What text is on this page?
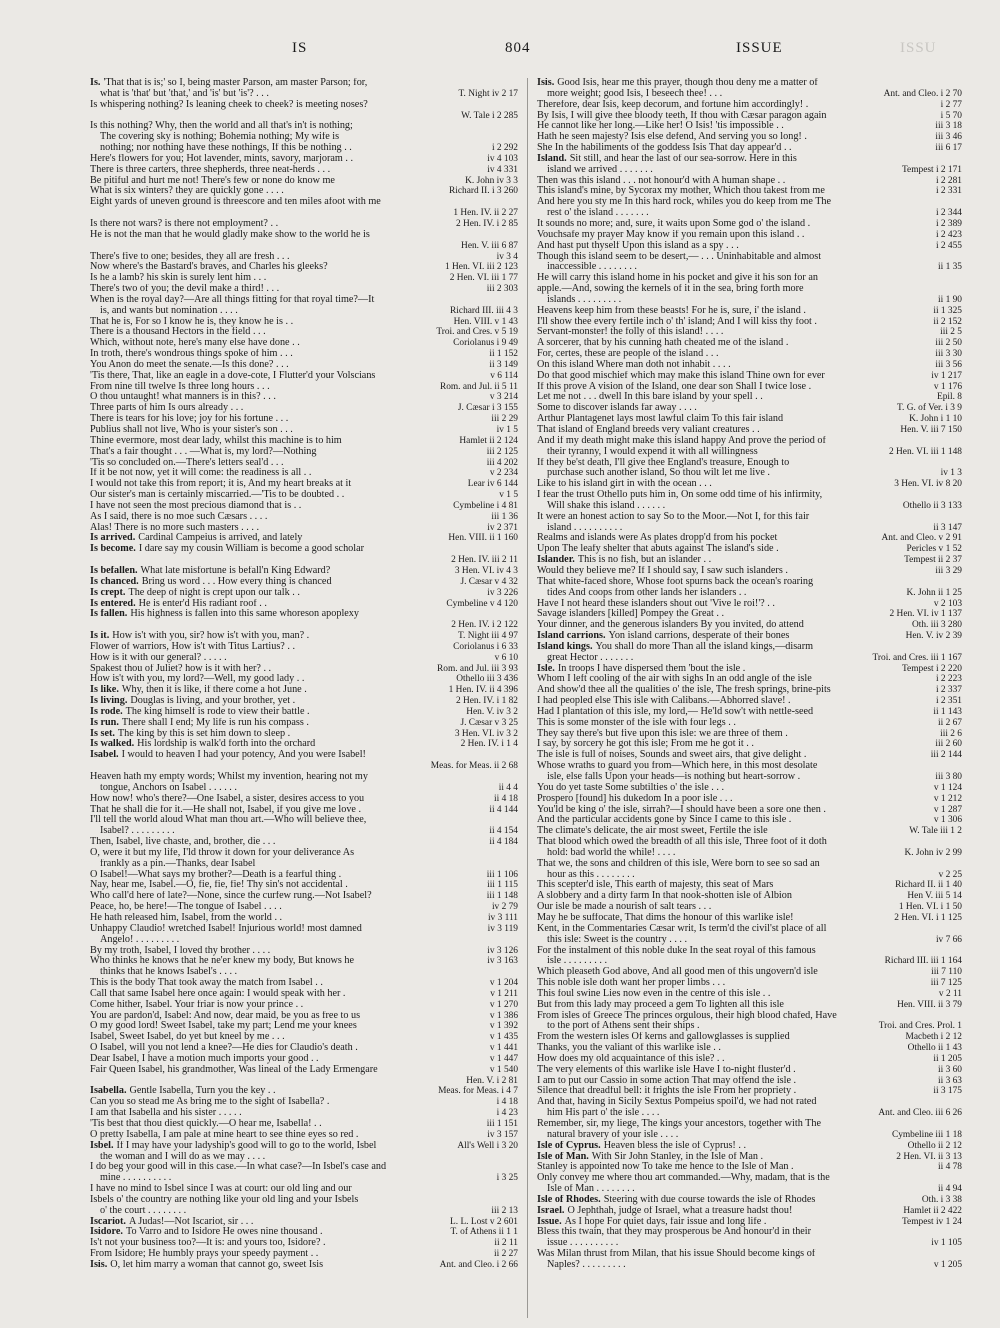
IS	804	ISSUE	ISSU
Is. 'That that is is;' so I, being master Parson, am master Parson; for,
what is 'that' but 'that,' and 'is' but 'is'? . . .	T. Night iv 2 17
Is whispering nothing? Is leaning cheek to cheek? is meeting noses?
W. Tale i 2 285
Is this nothing? Why, then the world and all that's in't is nothing;
The covering sky is nothing; Bohemia nothing; My wife is
nothing; nor nothing have these nothings, If this be nothing . .	i 2 292
Here's flowers for you; Hot lavender, mints, savory, marjoram . .	iv 4 103
There is three carters, three shepherds, three neat-herds . . .	iv 4 331
Be pitiful and hurt me not! There's few or none do know me	K. John iv 3 3
What is six winters? they are quickly gone . . . .	Richard II. i 3 260
Eight yards of uneven ground is threescore and ten miles afoot with me
1 Hen. IV. ii 2 27
Is there not wars? is there not employment? . .	2 Hen. IV. i 2 85
He is not the man that he would gladly make show to the world he is
Hen. V. iii 6 87
There's five to one; besides, they all are fresh . . .	iv 3 4
Now where's the Bastard's braves, and Charles his gleeks?	1 Hen. VI. iii 2 123
Is he a lamb? his skin is surely lent him . . .	2 Hen. VI. iii 1 77
There's two of you; the devil make a third! . . .	iii 2 303
When is the royal day?—Are all things fitting for that royal time?—It
is, and wants but nomination . . . .	Richard III. iii 4 3
That he is, For so I know he is, they know he is . .	Hen. VIII. v 1 43
There is a thousand Hectors in the field . . .	Troi. and Cres. v 5 19
Which, without note, here's many else have done . .	Coriolanus i 9 49
In troth, there's wondrous things spoke of him . . .	ii 1 152
You Anon do meet the senate.—Is this done? . . .	ii 3 149
'Tis there, That, like an eagle in a dove-cote, I Flutter'd your Volscians	v 6 114
From nine till twelve Is three long hours . . .	Rom. and Jul. ii 5 11
O thou untaught! what manners is in this? . . .	v 3 214
Three parts of him Is ours already . . .	J. Cæsar i 3 155
There is tears for his love; joy for his fortune . . .	iii 2 29
Publius shall not live, Who is your sister's son . . .	iv 1 5
Thine evermore, most dear lady, whilst this machine is to him	Hamlet ii 2 124
That's a fair thought . . . —What is, my lord?—Nothing	iii 2 125
'Tis so concluded on.—There's letters seal'd . . .	iii 4 202
If it be not now, yet it will come: the readiness is all . .	v 2 234
I would not take this from report; it is, And my heart breaks at it	Lear iv 6 144
Our sister's man is certainly miscarried.—'Tis to be doubted . .	v 1 5
I have not seen the most precious diamond that is . .	Cymbeline i 4 81
As I said, there is no moe such Cæsars . . . .	iii 1 36
Alas! There is no more such masters . . . .	iv 2 371
Is arrived. Cardinal Campeius is arrived, and lately	Hen. VIII. ii 1 160
Is become. I dare say my cousin William is become a good scholar
2 Hen. IV. iii 2 11
Is befallen. What late misfortune is befall'n King Edward?	3 Hen. VI. iv 4 3
Is chanced. Bring us word . . . How every thing is chanced	J. Cæsar v 4 32
Is crept. The deep of night is crept upon our talk . .	iv 3 226
Is entered. He is enter'd His radiant roof . .	Cymbeline v 4 120
Is fallen. His highness is fallen into this same whoreson apoplexy
2 Hen. IV. i 2 122
Is it. How is't with you, sir? how is't with you, man? .	T. Night iii 4 97
Flower of warriors, How is't with Titus Lartius? . .	Coriolanus i 6 33
How is it with our general? . . . . .	v 6 10
Spakest thou of Juliet? how is it with her? . .	Rom. and Jul. iii 3 93
How is't with you, my lord?—Well, my good lady . .	Othello iii 3 436
Is like. Why, then it is like, if there come a hot June .	1 Hen. IV. ii 4 396
Is living. Douglas is living, and your brother, yet .	2 Hen. IV. i 1 82
Is rode. The king himself is rode to view their battle .	Hen. V. iv 3 2
Is run. There shall I end; My life is run his compass .	J. Cæsar v 3 25
Is set. The king by this is set him down to sleep .	3 Hen. VI. iv 3 2
Is walked. His lordship is walk'd forth into the orchard	2 Hen. IV. i 1 4
Isabel. I would to heaven I had your potency, And you were Isabel!
Meas. for Meas. ii 2 68
Heaven hath my empty words; Whilst my invention, hearing not my
tongue, Anchors on Isabel . . . . . .	ii 4 4
How now! who's there?—One Isabel, a sister, desires access to you	ii 4 18
That he shall die for it.—He shall not, Isabel, if you give me love .	ii 4 144
I'll tell the world aloud What man thou art.—Who will believe thee,
Isabel? . . . . . . . . .	ii 4 154
Then, Isabel, live chaste, and, brother, die . . .	ii 4 184
O, were it but my life, I'ld throw it down for your deliverance As
frankly as a pin.—Thanks, dear Isabel
O Isabel!—What says my brother?—Death is a fearful thing .	iii 1 106
Nay, hear me, Isabel.—O, fie, fie, fie! Thy sin's not accidental .	iii 1 115
Who call'd here of late?—None, since the curfew rung.—Not Isabel?	iii 1 148
Peace, ho, be here!—The tongue of Isabel . . . .	iv 2 79
He hath released him, Isabel, from the world . .	iv 3 111
Unhappy Claudio! wretched Isabel! Injurious world! most damned	iv 3 119
Angelo! . . . . . . . . .
By my troth, Isabel, I loved thy brother . . . .	iv 3 126
Who thinks he knows that he ne'er knew my body, But knows he	iv 3 163
thinks that he knows Isabel's . . . .
This is the body That took away the match from Isabel . .	v 1 204
Call that same Isabel here once again: I would speak with her .	v 1 211
Come hither, Isabel. Your friar is now your prince . .	v 1 270
You are pardon'd, Isabel: And now, dear maid, be you as free to us	v 1 386
O my good lord! Sweet Isabel, take my part; Lend me your knees	v 1 392
Isabel, Sweet Isabel, do yet but kneel by me . . .	v 1 435
O Isabel, will you not lend a knee?—He dies for Claudio's death .	v 1 441
Dear Isabel, I have a motion much imports your good . .	v 1 447
Fair Queen Isabel, his grandmother, Was lineal of the Lady Ermengare	v 1 540
Hen. V. i 2 81
Isabella. Gentle Isabella, Turn you the key . .	Meas. for Meas. i 4 7
Can you so stead me As bring me to the sight of Isabella? .	i 4 18
I am that Isabella and his sister . . . . .	i 4 23
'Tis best that thou diest quickly.—O hear me, Isabella! . .	iii 1 151
O pretty Isabella, I am pale at mine heart to see thine eyes so red .	iv 3 157
Isbel. If I may have your ladyship's good will to go to the world, Isbel	All's Well i 3 20
the woman and I will do as we may . . . .
I do beg your good will in this case.—In what case?—In Isbel's case and
mine . . . . . . . . . .	i 3 25
I have no mind to Isbel since I was at court: our old ling and our
Isbels o' the country are nothing like your old ling and your Isbels
o' the court . . . . . . . .	iii 2 13
Iscariot. A Judas!—Not Iscariot, sir . . .	L. L. Lost v 2 601
Isidore. To Varro and to Isidore He owes nine thousand .	T. of Athens ii 1 1
Is't not your business too?—It is: and yours too, Isidore? .	ii 2 11
From Isidore; He humbly prays your speedy payment . .	ii 2 27
Isis. O, let him marry a woman that cannot go, sweet Isis	Ant. and Cleo. i 2 66
Isis. Good Isis, hear me this prayer, though thou deny me a matter of
more weight; good Isis, I beseech thee! . . .	Ant. and Cleo. i 2 70
Therefore, dear Isis, keep decorum, and fortune him accordingly! .	i 2 77
By Isis, I will give thee bloody teeth, If thou with Cæsar paragon again	i 5 70
He cannot like her long.—Like her! O Isis! 'tis impossible . .	iii 3 18
Hath he seen majesty? Isis else defend, And serving you so long! .	iii 3 46
She In the habiliments of the goddess Isis That day appear'd . .	iii 6 17
Island. Sit still, and hear the last of our sea-sorrow. Here in this
island we arrived . . . . . . .	Tempest i 2 171
Then was this island . . . not honour'd with A human shape . .	i 2 281
This island's mine, by Sycorax my mother, Which thou takest from me	i 2 331
And here you sty me In this hard rock, whiles you do keep from me The
rest o' the island . . . . . . .	i 2 344
It sounds no more; and, sure, it waits upon Some god o' the island .	i 2 389
Vouchsafe my prayer May know if you remain upon this island . .	i 2 423
And hast put thyself Upon this island as a spy . . .	i 2 455
Though this island seem to be desert,— . . . Uninhabitable and almost
inaccessible . . . . . . . .	ii 1 35
He will carry this island home in his pocket and give it his son for an
apple.—And, sowing the kernels of it in the sea, bring forth more
islands . . . . . . . . .	ii 1 90
Heavens keep him from these beasts! For he is, sure, i' the island .	ii 1 325
I'll show thee every fertile inch o' th' island; And I will kiss thy foot .	ii 2 152
Servant-monster! the folly of this island! . . . .	iii 2 5
A sorcerer, that by his cunning hath cheated me of the island .	iii 2 50
For, certes, these are people of the island . . .	iii 3 30
On this island Where man doth not inhabit . . . .	iii 3 56
Do that good mischief which may make this island Thine own for ever	iv 1 217
If this prove A vision of the Island, one dear son Shall I twice lose .	v 1 176
Let me not . . . dwell In this bare island by your spell . .	Epil. 8
Some to discover islands far away . . . .	T. G. of Ver. i 3 9
Arthur Plantagenet lays most lawful claim To this fair island	K. John i 1 10
That island of England breeds very valiant creatures . .	Hen. V. iii 7 150
And if my death might make this island happy And prove the period of
their tyranny, I would expend it with all willingness	2 Hen. VI. iii 1 148
If they be'st death, I'll give thee England's treasure, Enough to
purchase such another island, So thou wilt let me live .	iv 1 3
Like to his island girt in with the ocean . . .	3 Hen. VI. iv 8 20
I fear the trust Othello puts him in, On some odd time of his infirmity,
Will shake this island . . . . . .	Othello ii 3 133
It were an honest action to say So to the Moor.—Not I, for this fair
island . . . . . . . . . .	ii 3 147
Realms and islands were As plates dropp'd from his pocket	Ant. and Cleo. v 2 91
Upon The leafy shelter that abuts against The island's side .	Pericles v 1 52
Islander. This is no fish, but an islander . .	Tempest ii 2 37
Would they believe me? If I should say, I saw such islanders .	iii 3 29
That white-faced shore, Whose foot spurns back the ocean's roaring
tides And coops from other lands her islanders . .	K. John ii 1 25
Have I not heard these islanders shout out 'Vive le roi!'? . .	v 2 103
Savage islanders [killed] Pompey the Great . .	2 Hen. VI. iv 1 137
Your dinner, and the generous islanders By you invited, do attend	Oth. iii 3 280
Island carrions. Yon island carrions, desperate of their bones	Hen. V. iv 2 39
Island kings. You shall do more Than all the island kings,—disarm
great Hector . . . . . . .	Troi. and Cres. iii 1 167
Isle. In troops I have dispersed them 'bout the isle .	Tempest i 2 220
Whom I left cooling of the air with sighs In an odd angle of the isle	i 2 223
And show'd thee all the qualities o' the isle, The fresh springs, brine-pits	i 2 337
I had peopled else This isle with Calibans.—Abhorred slave! .	i 2 351
Had I plantation of this isle, my lord,— He'ld sow't with nettle-seed	ii 1 143
This is some monster of the isle with four legs . .	ii 2 67
They say there's but five upon this isle: we are three of them .	iii 2 6
I say, by sorcery he got this isle; From me he got it . .	iii 2 60
The isle is full of noises, Sounds and sweet airs, that give delight .	iii 2 144
Whose wraths to guard you from—Which here, in this most desolate
isle, else falls Upon your heads—is nothing but heart-sorrow .	iii 3 80
You do yet taste Some subtilties o' the isle . . .	v 1 124
Prospero [found] his dukedom In a poor isle . . .	v 1 212
You'ld be king o' the isle, sirrah?—I should have been a sore one then .	v 1 287
And the particular accidents gone by Since I came to this isle .	v 1 306
The climate's delicate, the air most sweet, Fertile the isle	W. Tale iii 1 2
That blood which owed the breadth of all this isle, Three foot of it doth
hold: bad world the while! . . . .	K. John iv 2 99
That we, the sons and children of this isle, Were born to see so sad an
hour as this . . . . . . . .	v 2 25
This scepter'd isle, This earth of majesty, this seat of Mars	Richard II. ii 1 40
A slobbery and a dirty farm In that nook-shotten isle of Albion	Hen V. iii 5 14
Our isle be made a nourish of salt tears . . .	1 Hen. VI. i 1 50
May he be suffocate, That dims the honour of this warlike isle!	2 Hen. VI. i 1 125
Kent, in the Commentaries Cæsar writ, Is term'd the civil'st place of all
this isle: Sweet is the country . . . .	iv 7 66
For the instalment of this noble duke In the seat royal of this famous
isle . . . . . . . . .	Richard III. iii 1 164
Which pleaseth God above, And all good men of this ungovern'd isle	iii 7 110
This noble isle doth want her proper limbs . . .	iii 7 125
This foul swine Lies now even in the centre of this isle . .	v 2 11
But from this lady may proceed a gem To lighten all this isle	Hen. VIII. ii 3 79
From isles of Greece The princes orgulous, their high blood chafed, Have
to the port of Athens sent their ships .	Troi. and Cres. Prol. 1
From the western isles Of kerns and gallowglasses is supplied	Macbeth i 2 12
Thanks, you the valiant of this warlike isle . .	Othello ii 1 43
How does my old acquaintance of this isle? . .	ii 1 205
The very elements of this warlike isle Have I to-night fluster'd .	ii 3 60
I am to put our Cassio in some action That may offend the isle .	ii 3 63
Silence that dreadful bell: it frights the isle From her propriety .	ii 3 175
And that, having in Sicily Sextus Pompeius spoil'd, we had not rated
him His part o' the isle . . . .	Ant. and Cleo. iii 6 26
Remember, sir, my liege, The kings your ancestors, together with The
natural bravery of your isle . . . .	Cymbeline iii 1 18
Isle of Cyprus. Heaven bless the isle of Cyprus! . .	Othello ii 2 12
Isle of Man. With Sir John Stanley, in the Isle of Man .	2 Hen. VI. ii 3 13
Stanley is appointed now To take me hence to the Isle of Man .	ii 4 78
Only convey me where thou art commanded.—Why, madam, that is the
Isle of Man . . . . . . . .	ii 4 94
Isle of Rhodes. Steering with due course towards the isle of Rhodes	Oth. i 3 38
Israel. O Jephthah, judge of Israel, what a treasure hadst thou!	Hamlet ii 2 422
Issue. As I hope For quiet days, fair issue and long life .	Tempest iv 1 24
Bless this twain, that they may prosperous be And honour'd in their
issue . . . . . . . . . .	iv 1 105
Was Milan thrust from Milan, that his issue Should become kings of
Naples? . . . . . . . . .	v 1 205
